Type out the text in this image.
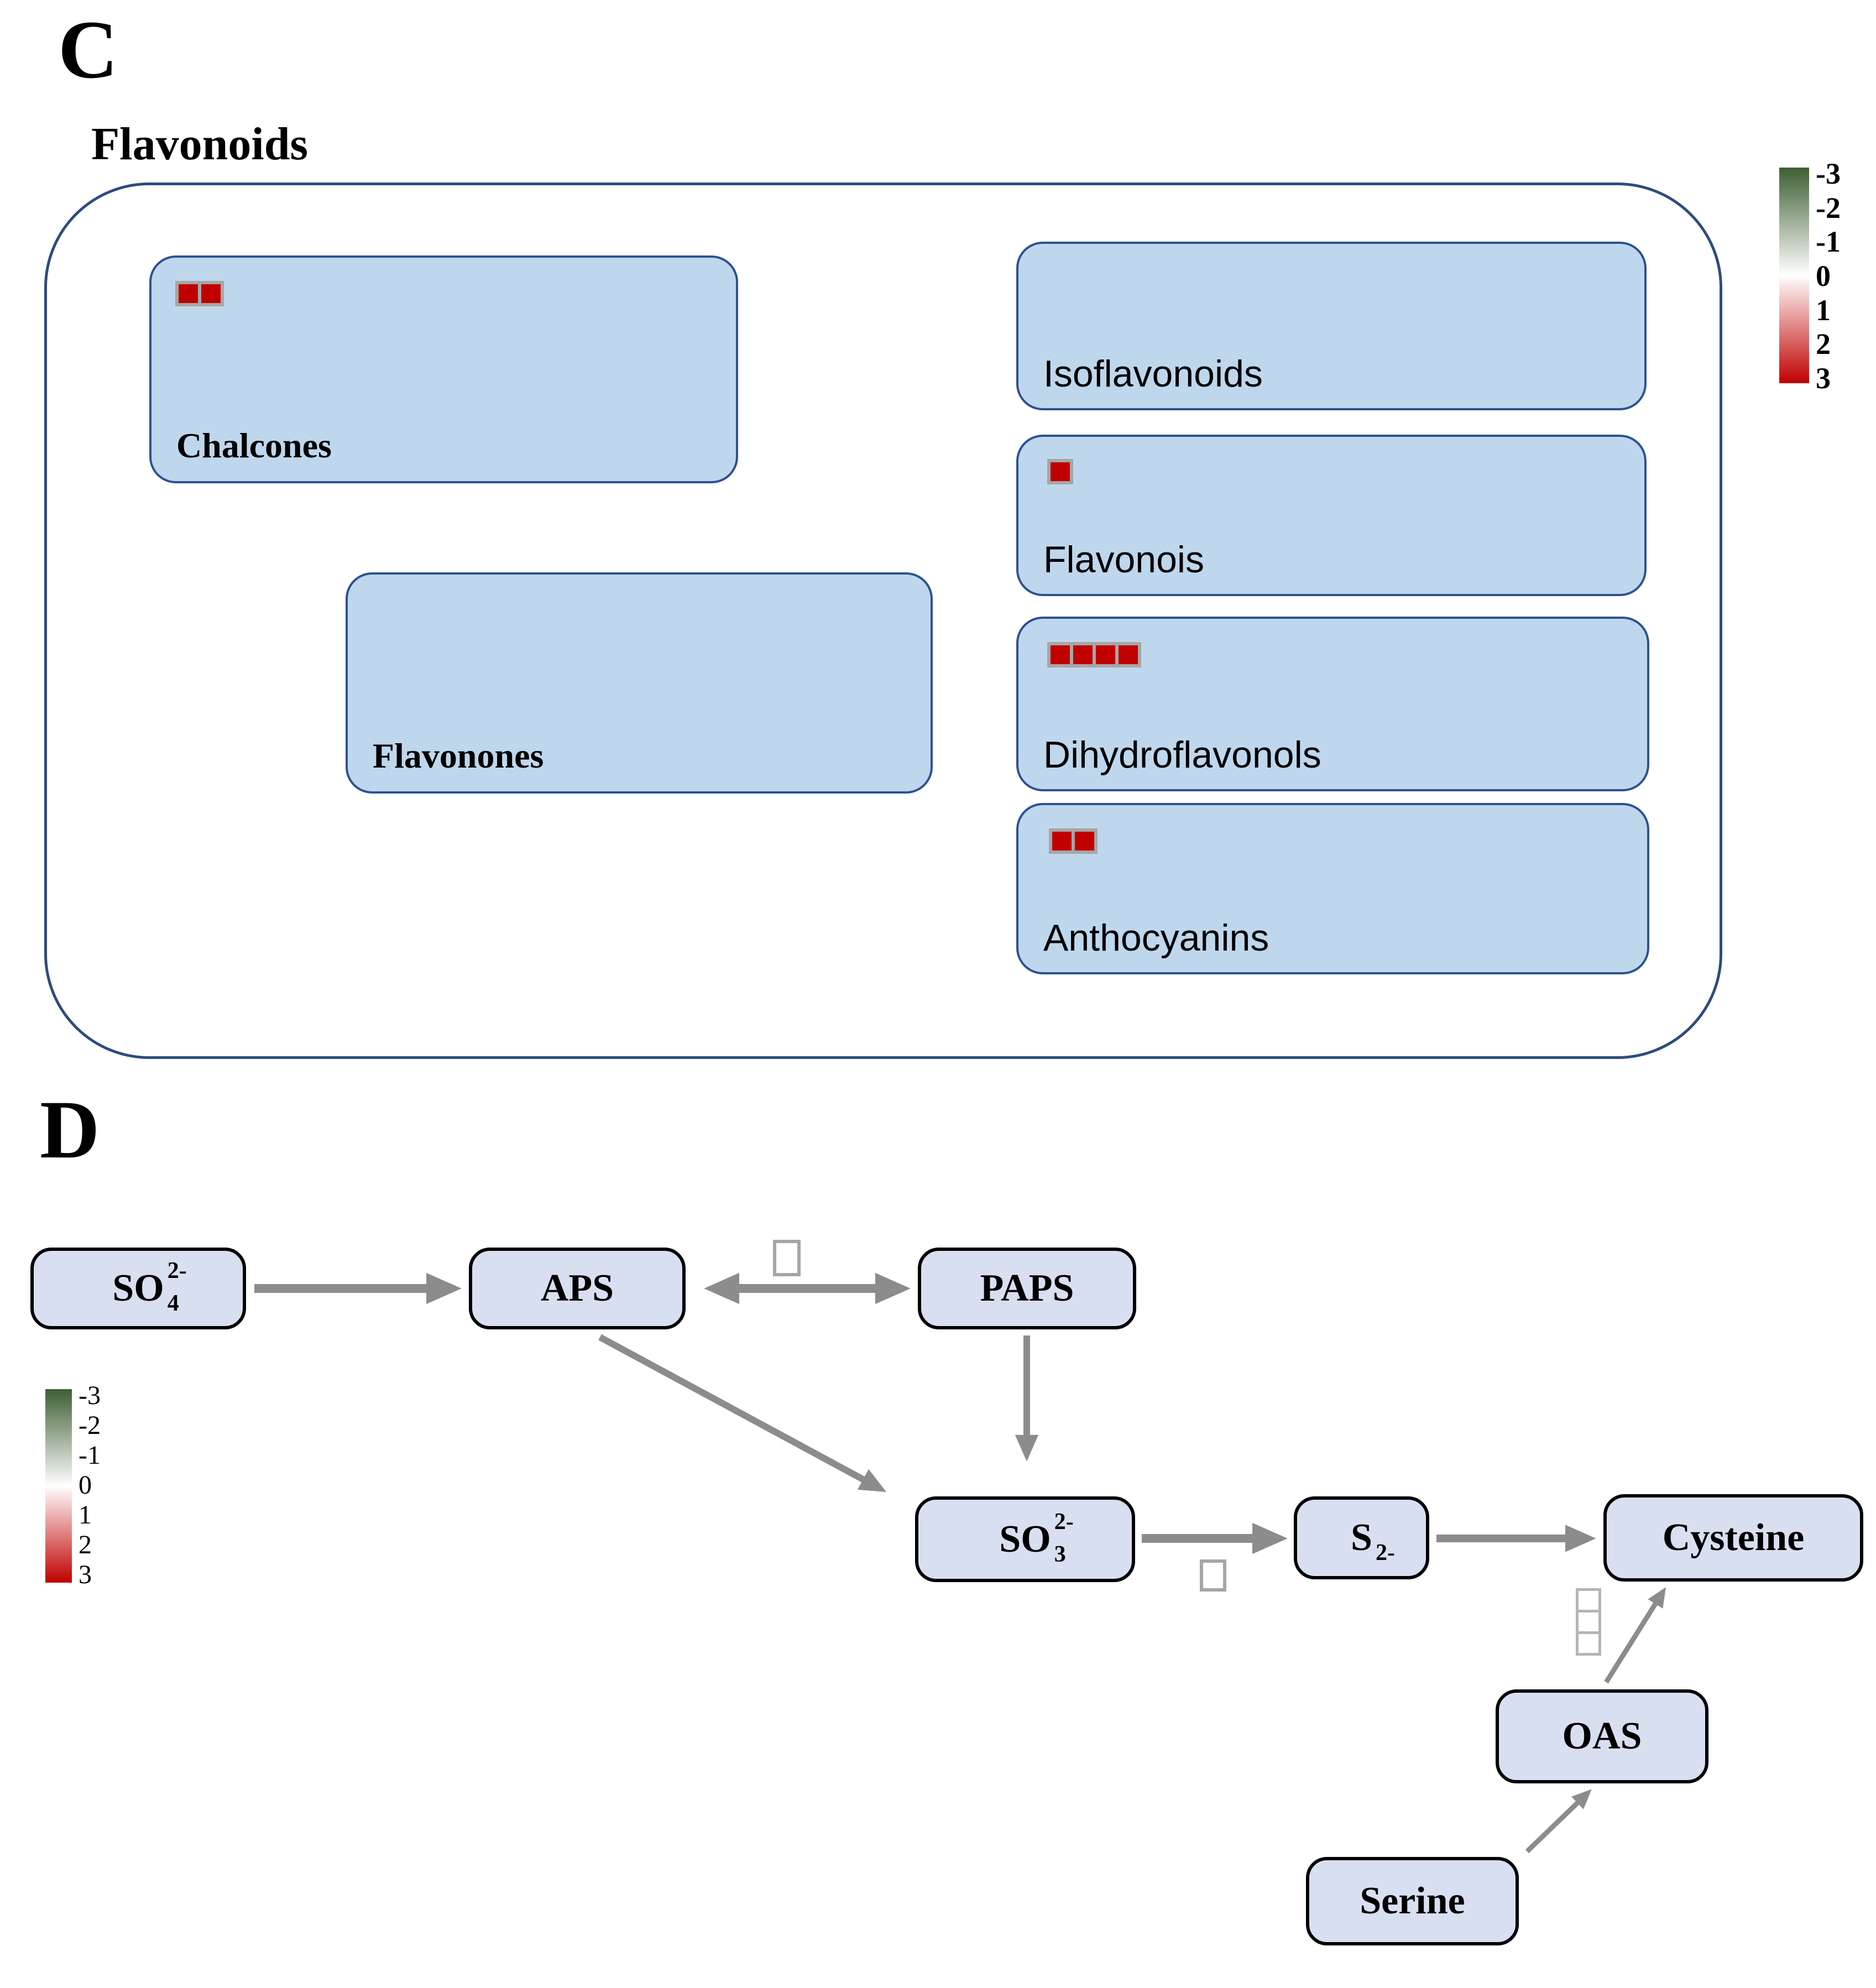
C
Flavonoids
Chalcones
Flavonones
Isoflavonoids
Flavonois
Dihydroflavonols
Anthocyanins
-3
-2
-1
0
1
2
3
D
-3
-2
-1
0
1
2
3
SO 2-
4	APS	PAPS
SO 2-
3	S 2-	Cysteine
OAS
Serine
